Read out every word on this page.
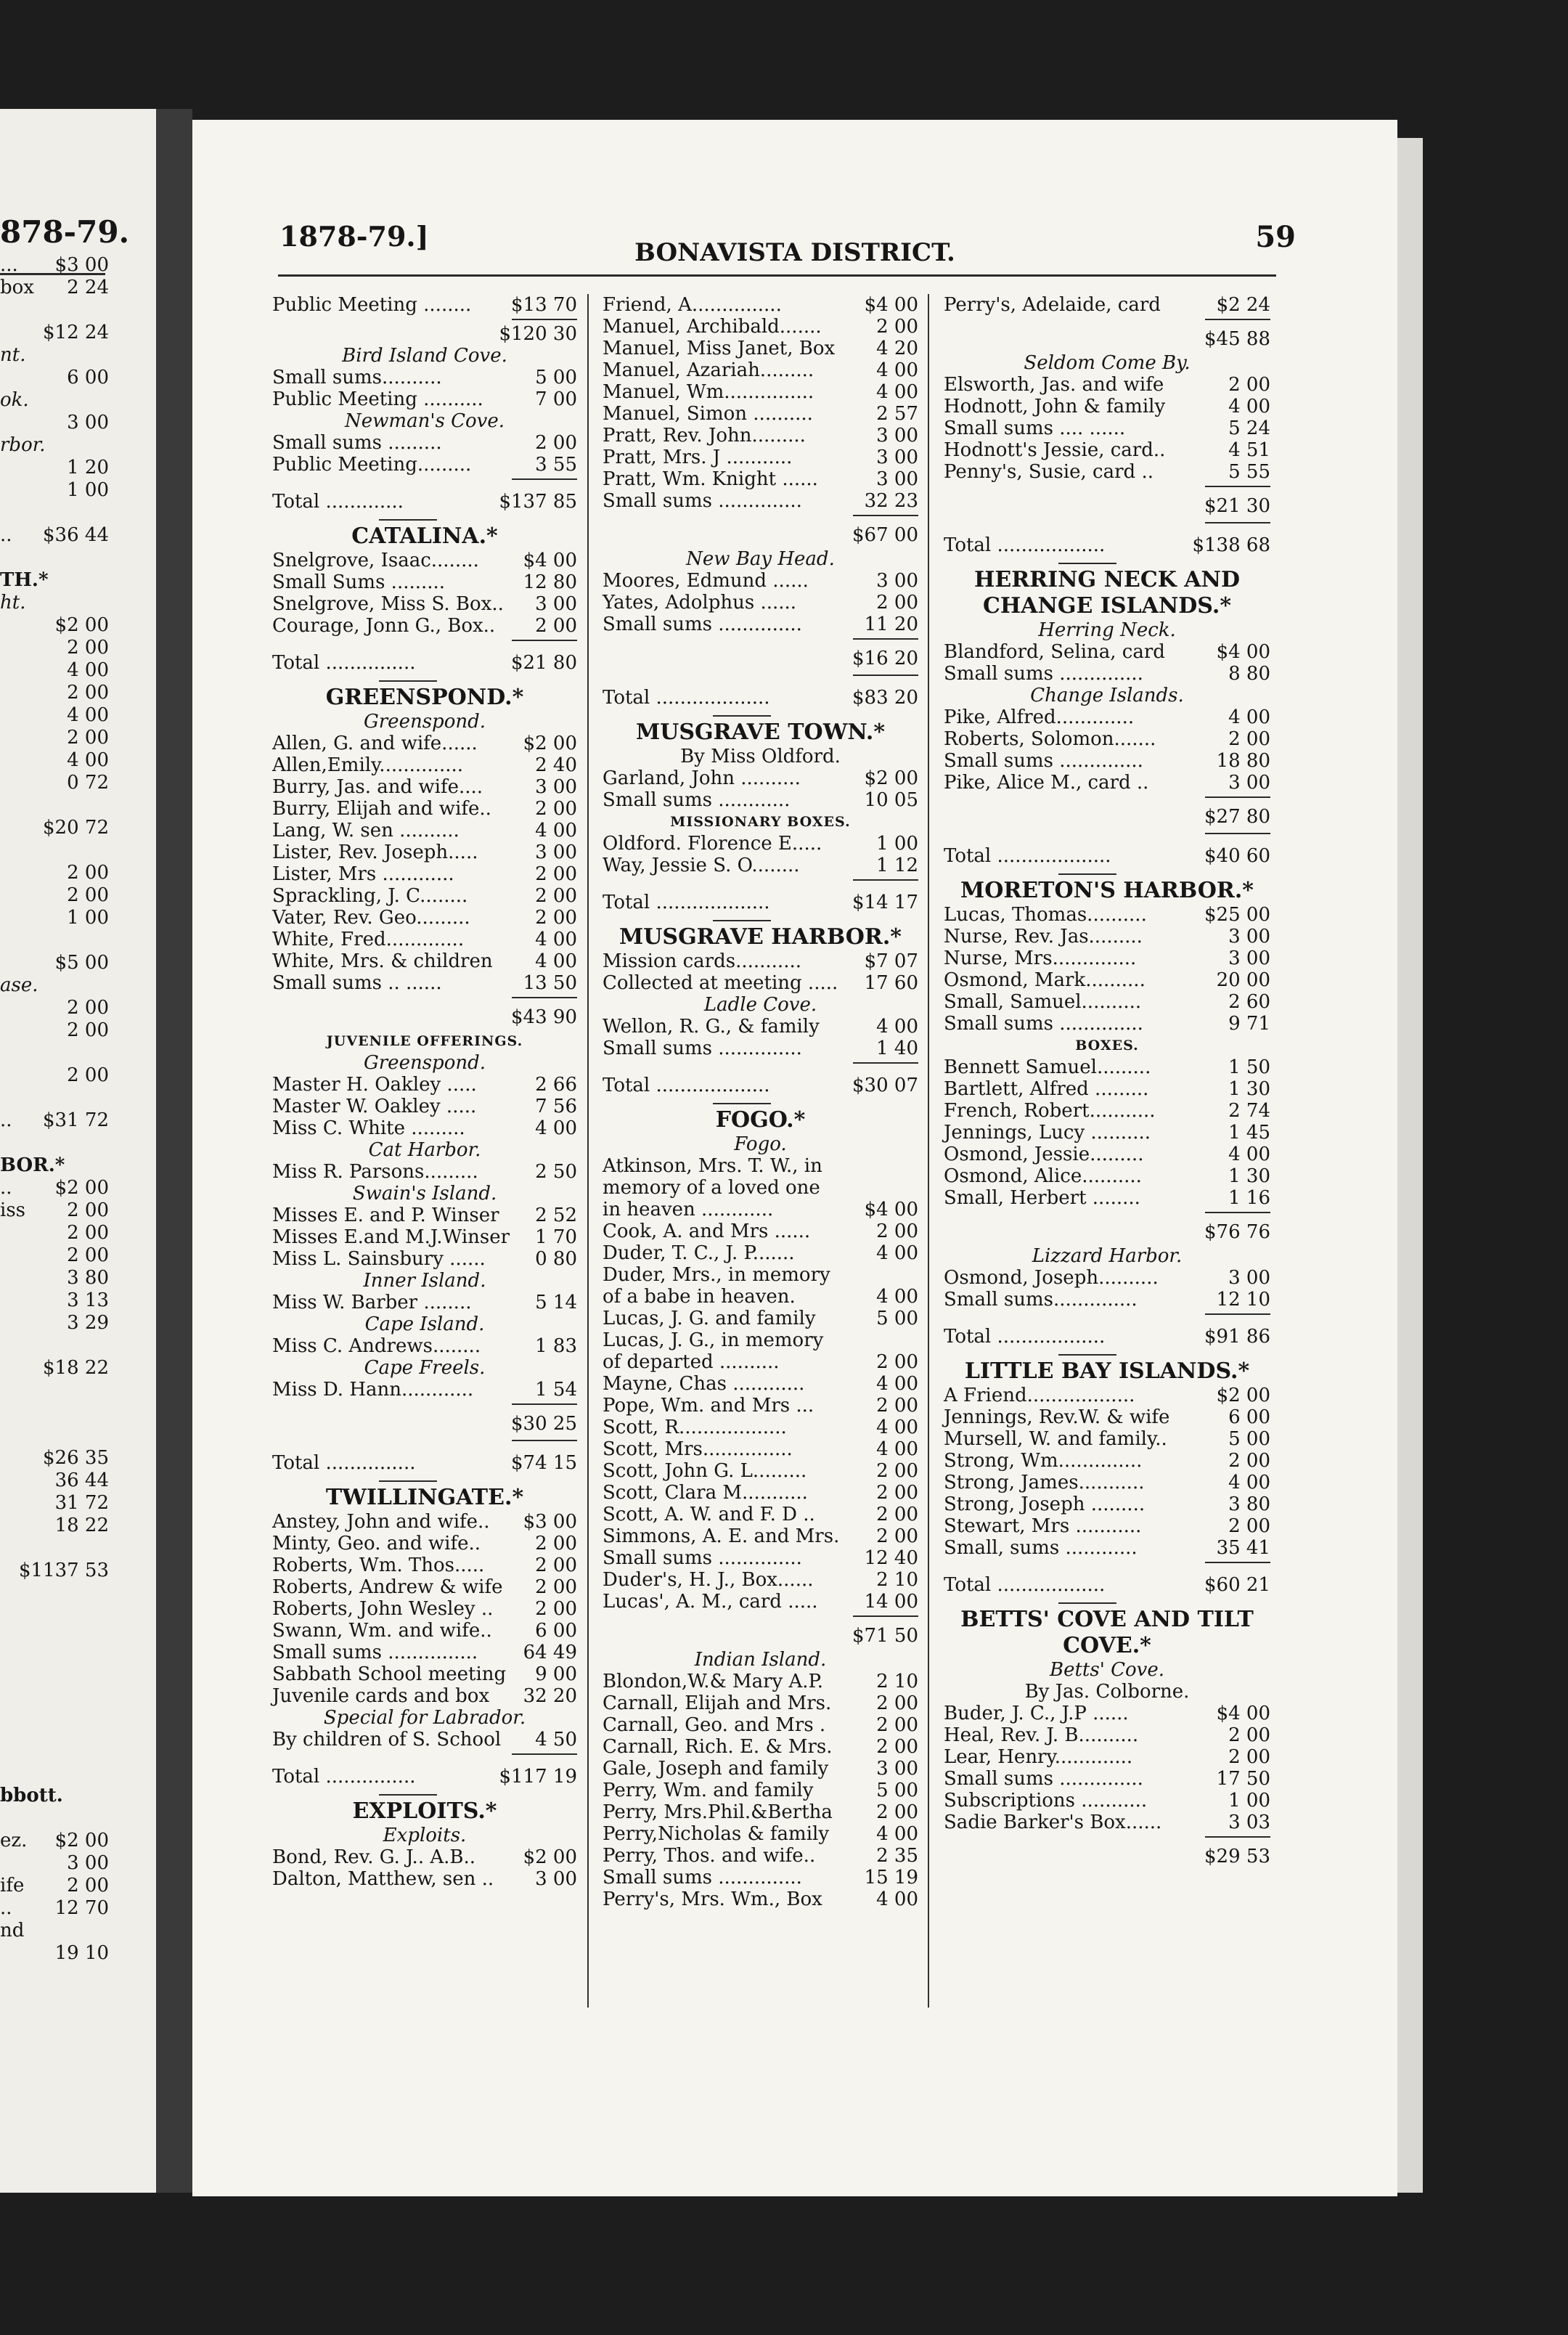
878-79.
... $3 00
box 2 24
$12 24
nt.
6 00
ok.
3 00
rbor.
1 20
1 00
.. $36 44
TH.*
ht.
$2 00
2 00
4 00
2 00
4 00
2 00
4 00
0 72
$20 72
2 00
2 00
1 00
$5 00
ase.
2 00
2 00
2 00
.. $31 72
BOR.*
.. $2 00
iss 2 00
2 00
2 00
3 80
3 13
3 29
$18 22
$26 35
36 44
31 72
18 22
$1137 53
bbott.
ez. $2 00
3 00
ife 2 00
.. 12 70
nd
19 10
1878-79.]	BONAVISTA DISTRICT.	59
Public Meeting ........ $13 70
$120 30
Bird Island Cove.
Small sums..........	5 00
Public Meeting ..........	7 00
Newman's Cove.
Small sums .........	2 00
Public Meeting.........	3 55
Total .............	$137 85
CATALINA.*
Snelgrove, Isaac........ $4 00
Small Sums .........	12 80
Snelgrove, Miss S. Box.. 3 00
Courage, Jonn G., Box.. 2 00
Total ...............	$21 80
GREENSPOND.*
Greenspond.
Allen, G. and wife...... $2 00
Allen,Emily..............	2 40
Burry, Jas. and wife....	3 00
Burry, Elijah and wife.. 2 00
Lang, W. sen ..........	4 00
Lister, Rev. Joseph.....	3 00
Lister, Mrs ............	2 00
Sprackling, J. C........	2 00
Vater, Rev. Geo.........	2 00
White, Fred.............	4 00
White, Mrs. & children 4 00
Small sums .. ......	13 50
$43 90
JUVENILE OFFERINGS.
Greenspond.
Master H. Oakley .....	2 66
Master W. Oakley .....	7 56
Miss C. White .........	4 00
Cat Harbor.
Miss R. Parsons.........	2 50
Swain's Island.
Misses E. and P. Winser 2 52
Misses E.and M.J.Winser 1 70
Miss L. Sainsbury ......	0 80
Inner Island.
Miss W. Barber ........	5 14
Cape Island.
Miss C. Andrews........	1 83
Cape Freels.
Miss D. Hann............	1 54
$30 25
Total ...............	$74 15
TWILLINGATE.*
Anstey, John and wife.. $3 00
Minty, Geo. and wife..	2 00
Roberts, Wm. Thos.....	2 00
Roberts, Andrew & wife 2 00
Roberts, John Wesley .. 2 00
Swann, Wm. and wife.. 6 00
Small sums ............... 64 49
Sabbath School meeting 9 00
Juvenile cards and box 32 20
Special for Labrador.
By children of S. School 4 50
Total ...............	$117 19
EXPLOITS.*
Exploits.
Bond, Rev. G. J.. A.B..	$2 00
Dalton, Matthew, sen .. 3 00
Friend, A...............	$4 00
Manuel, Archibald.......	2 00
Manuel, Miss Janet, Box 4 20
Manuel, Azariah.........	4 00
Manuel, Wm...............	4 00
Manuel, Simon ..........	2 57
Pratt, Rev. John.........	3 00
Pratt, Mrs. J ...........	3 00
Pratt, Wm. Knight ......	3 00
Small sums ..............	32 23
$67 00
New Bay Head.
Moores, Edmund ......	3 00
Yates, Adolphus ......	2 00
Small sums ..............	11 20
$16 20
Total ...................	$83 20
MUSGRAVE TOWN.*
By Miss Oldford.
Garland, John ..........	$2 00
Small sums ............	10 05
MISSIONARY BOXES.
Oldford. Florence E.....	1 00
Way, Jessie S. O........	1 12
Total ...................	$14 17
MUSGRAVE HARBOR.*
Mission cards...........	$7 07
Collected at meeting ..... 17 60
Ladle Cove.
Wellon, R. G., & family	4 00
Small sums ..............	1 40
Total ...................	$30 07
FOGO.*
Fogo.
Atkinson, Mrs. T. W., in
memory of a loved one
in heaven ............	$4 00
Cook, A. and Mrs ......	2 00
Duder, T. C., J. P.......	4 00
Duder, Mrs., in memory
of a babe in heaven.	4 00
Lucas, J. G. and family	5 00
Lucas, J. G., in memory
of departed ..........	2 00
Mayne, Chas ............	4 00
Pope, Wm. and Mrs ...	2 00
Scott, R..................	4 00
Scott, Mrs...............	4 00
Scott, John G. L.........	2 00
Scott, Clara M...........	2 00
Scott, A. W. and F. D ..	2 00
Simmons, A. E. and Mrs. 2 00
Small sums ..............	12 40
Duder's, H. J., Box......	2 10
Lucas', A. M., card ..... 14 00
$71 50
Indian Island.
Blondon,W.& Mary A.P.	2 10
Carnall, Elijah and Mrs. 2 00
Carnall, Geo. and Mrs .	2 00
Carnall, Rich. E. & Mrs. 2 00
Gale, Joseph and family	3 00
Perry, Wm. and family	5 00
Perry, Mrs.Phil.&Bertha 2 00
Perry,Nicholas & family	4 00
Perry, Thos. and wife..	2 35
Small sums ..............	15 19
Perry's, Mrs. Wm., Box	4 00
Perry's, Adelaide, card	$2 24
$45 88
Seldom Come By.
Elsworth, Jas. and wife	2 00
Hodnott, John & family	4 00
Small sums .... ......	5 24
Hodnott's Jessie, card..	4 51
Penny's, Susie, card ..	5 55
$21 30
Total ..................	$138 68
HERRING NECK AND
CHANGE ISLANDS.*
Herring Neck.
Blandford, Selina, card	$4 00
Small sums ..............	8 80
Change Islands.
Pike, Alfred.............	4 00
Roberts, Solomon.......	2 00
Small sums ..............	18 80
Pike, Alice M., card ..	3 00
$27 80
Total ...................	$40 60
MORETON'S HARBOR.*
Lucas, Thomas..........	$25 00
Nurse, Rev. Jas.........	3 00
Nurse, Mrs..............	3 00
Osmond, Mark..........	20 00
Small, Samuel..........	2 60
Small sums ..............	9 71
BOXES.
Bennett Samuel.........	1 50
Bartlett, Alfred .........	1 30
French, Robert...........	2 74
Jennings, Lucy ..........	1 45
Osmond, Jessie.........	4 00
Osmond, Alice..........	1 30
Small, Herbert ........	1 16
$76 76
Lizzard Harbor.
Osmond, Joseph..........	3 00
Small sums..............	12 10
Total ..................	$91 86
LITTLE BAY ISLANDS.*
A Friend..................	$2 00
Jennings, Rev.W. & wife	6 00
Mursell, W. and family..	5 00
Strong, Wm..............	2 00
Strong, James...........	4 00
Strong, Joseph .........	3 80
Stewart, Mrs ...........	2 00
Small, sums ............	35 41
Total ..................	$60 21
BETTS' COVE AND TILT
COVE.*
Betts' Cove.
By Jas. Colborne.
Buder, J. C., J.P ......	$4 00
Heal, Rev. J. B..........	2 00
Lear, Henry.............	2 00
Small sums ..............	17 50
Subscriptions ...........	1 00
Sadie Barker's Box......	3 03
$29 53
